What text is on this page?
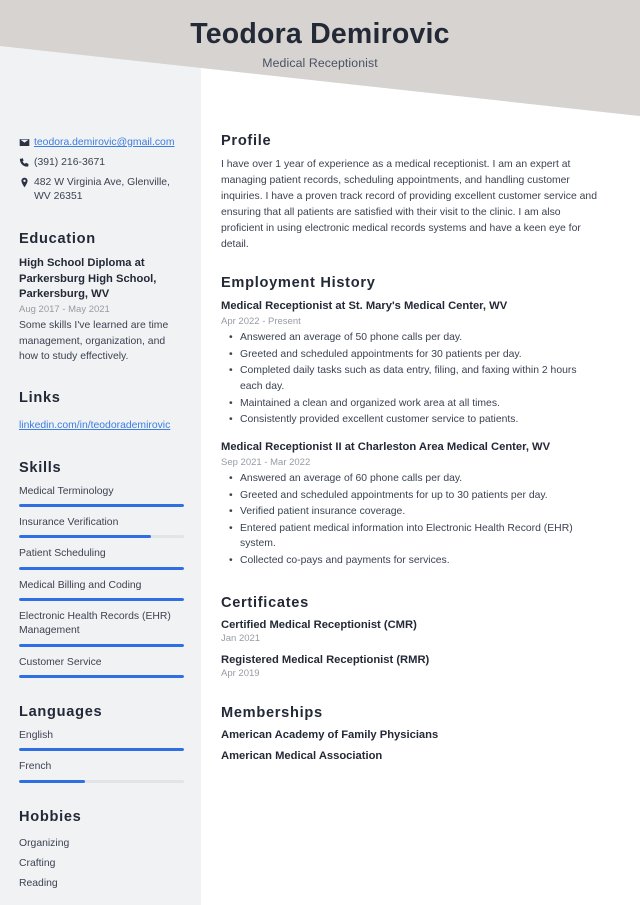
Teodora Demirovic
Medical Receptionist
teodora.demirovic@gmail.com
(391) 216-3671
482 W Virginia Ave, Glenville, WV 26351
Education
High School Diploma at Parkersburg High School, Parkersburg, WV
Aug 2017 - May 2021
Some skills I've learned are time management, organization, and how to study effectively.
Links
linkedin.com/in/teodorademirovic
Skills
Medical Terminology
Insurance Verification
Patient Scheduling
Medical Billing and Coding
Electronic Health Records (EHR) Management
Customer Service
Languages
English
French
Hobbies
Organizing
Crafting
Reading
Profile
I have over 1 year of experience as a medical receptionist. I am an expert at managing patient records, scheduling appointments, and handling customer inquiries. I have a proven track record of providing excellent customer service and ensuring that all patients are satisfied with their visit to the clinic. I am also proficient in using electronic medical records systems and have a keen eye for detail.
Employment History
Medical Receptionist at St. Mary's Medical Center, WV
Apr 2022 - Present
• Answered an average of 50 phone calls per day.
• Greeted and scheduled appointments for 30 patients per day.
• Completed daily tasks such as data entry, filing, and faxing within 2 hours each day.
• Maintained a clean and organized work area at all times.
• Consistently provided excellent customer service to patients.
Medical Receptionist II at Charleston Area Medical Center, WV
Sep 2021 - Mar 2022
• Answered an average of 60 phone calls per day.
• Greeted and scheduled appointments for up to 30 patients per day.
• Verified patient insurance coverage.
• Entered patient medical information into Electronic Health Record (EHR) system.
• Collected co-pays and payments for services.
Certificates
Certified Medical Receptionist (CMR)
Jan 2021
Registered Medical Receptionist (RMR)
Apr 2019
Memberships
American Academy of Family Physicians
American Medical Association
